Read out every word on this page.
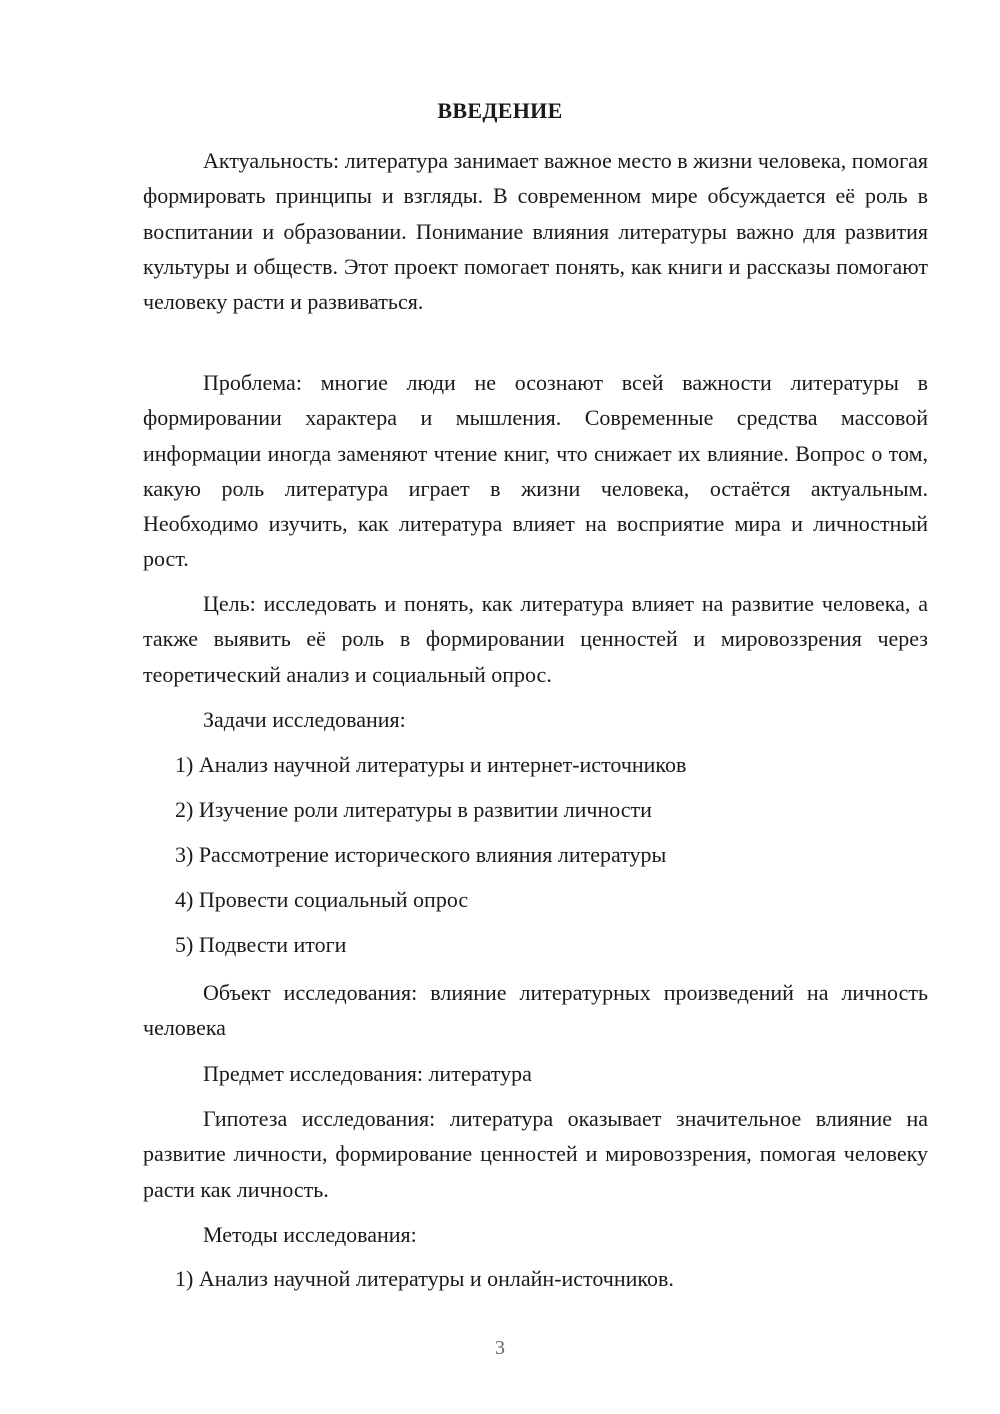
ВВЕДЕНИЕ

Актуальность: литература занимает важное место в жизни человека, помогая формировать принципы и взгляды. В современном мире обсуждается её роль в воспитании и образовании. Понимание влияния литературы важно для развития культуры и обществ. Этот проект помогает понять, как книги и рассказы помогают человеку расти и развиваться.

Проблема: многие люди не осознают всей важности литературы в формировании характера и мышления. Современные средства массовой информации иногда заменяют чтение книг, что снижает их влияние. Вопрос о том, какую роль литература играет в жизни человека, остаётся актуальным. Необходимо изучить, как литература влияет на восприятие мира и личностный рост.

Цель: исследовать и понять, как литература влияет на развитие человека, а также выявить её роль в формировании ценностей и мировоззрения через теоретический анализ и социальный опрос.

Задачи исследования:

1) Анализ научной литературы и интернет-источников
2) Изучение роли литературы в развитии личности
3) Рассмотрение исторического влияния литературы
4) Провести социальный опрос
5) Подвести итоги

Объект исследования: влияние литературных произведений на личность человека

Предмет исследования: литература

Гипотеза исследования: литература оказывает значительное влияние на развитие личности, формирование ценностей и мировоззрения, помогая человеку расти как личность.

Методы исследования:

1) Анализ научной литературы и онлайн-источников.
3
